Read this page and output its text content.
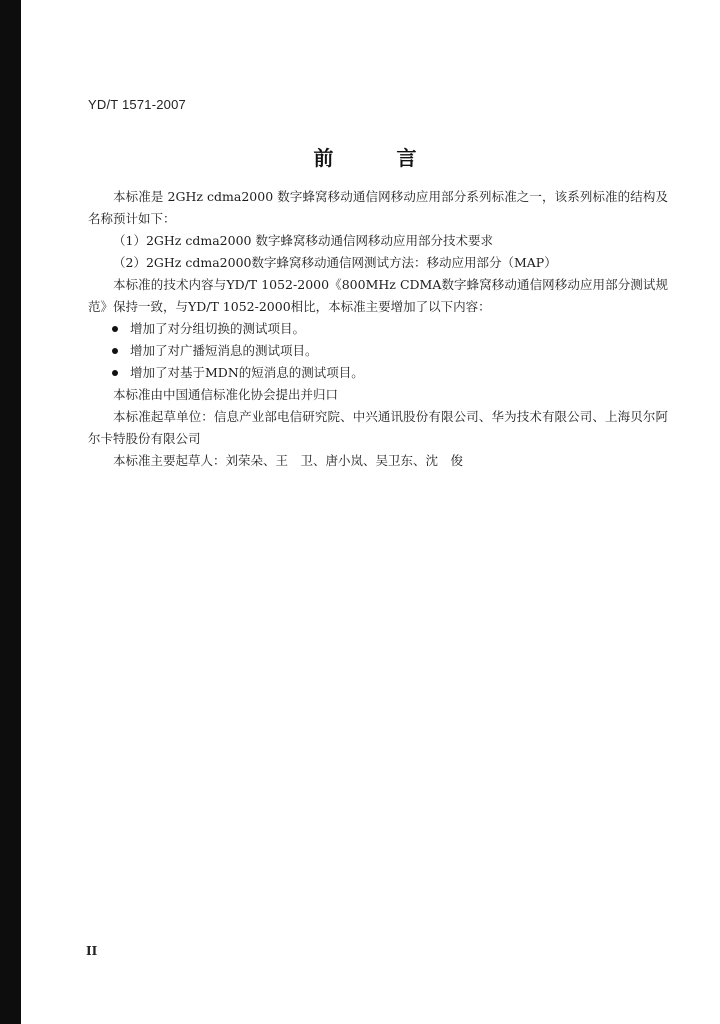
YD/T 1571-2007
前 言

本标准是 2GHz cdma2000 数字蜂窝移动通信网移动应用部分系列标准之一，该系列标准的结构及名称预计如下：

（1）2GHz cdma2000 数字蜂窝移动通信网移动应用部分技术要求

（2）2GHz cdma2000数字蜂窝移动通信网测试方法：移动应用部分（MAP）

本标准的技术内容与YD/T 1052-2000《800MHz CDMA数字蜂窝移动通信网移动应用部分测试规范》保持一致，与YD/T 1052-2000相比，本标准主要增加了以下内容：

增加了对分组切换的测试项目。
增加了对广播短消息的测试项目。
增加了对基于MDN的短消息的测试项目。

本标准由中国通信标准化协会提出并归口

本标准起草单位：信息产业部电信研究院、中兴通讯股份有限公司、华为技术有限公司、上海贝尔阿尔卡特股份有限公司

本标准主要起草人：刘荣朵、王　卫、唐小岚、吴卫东、沈　俊

II
